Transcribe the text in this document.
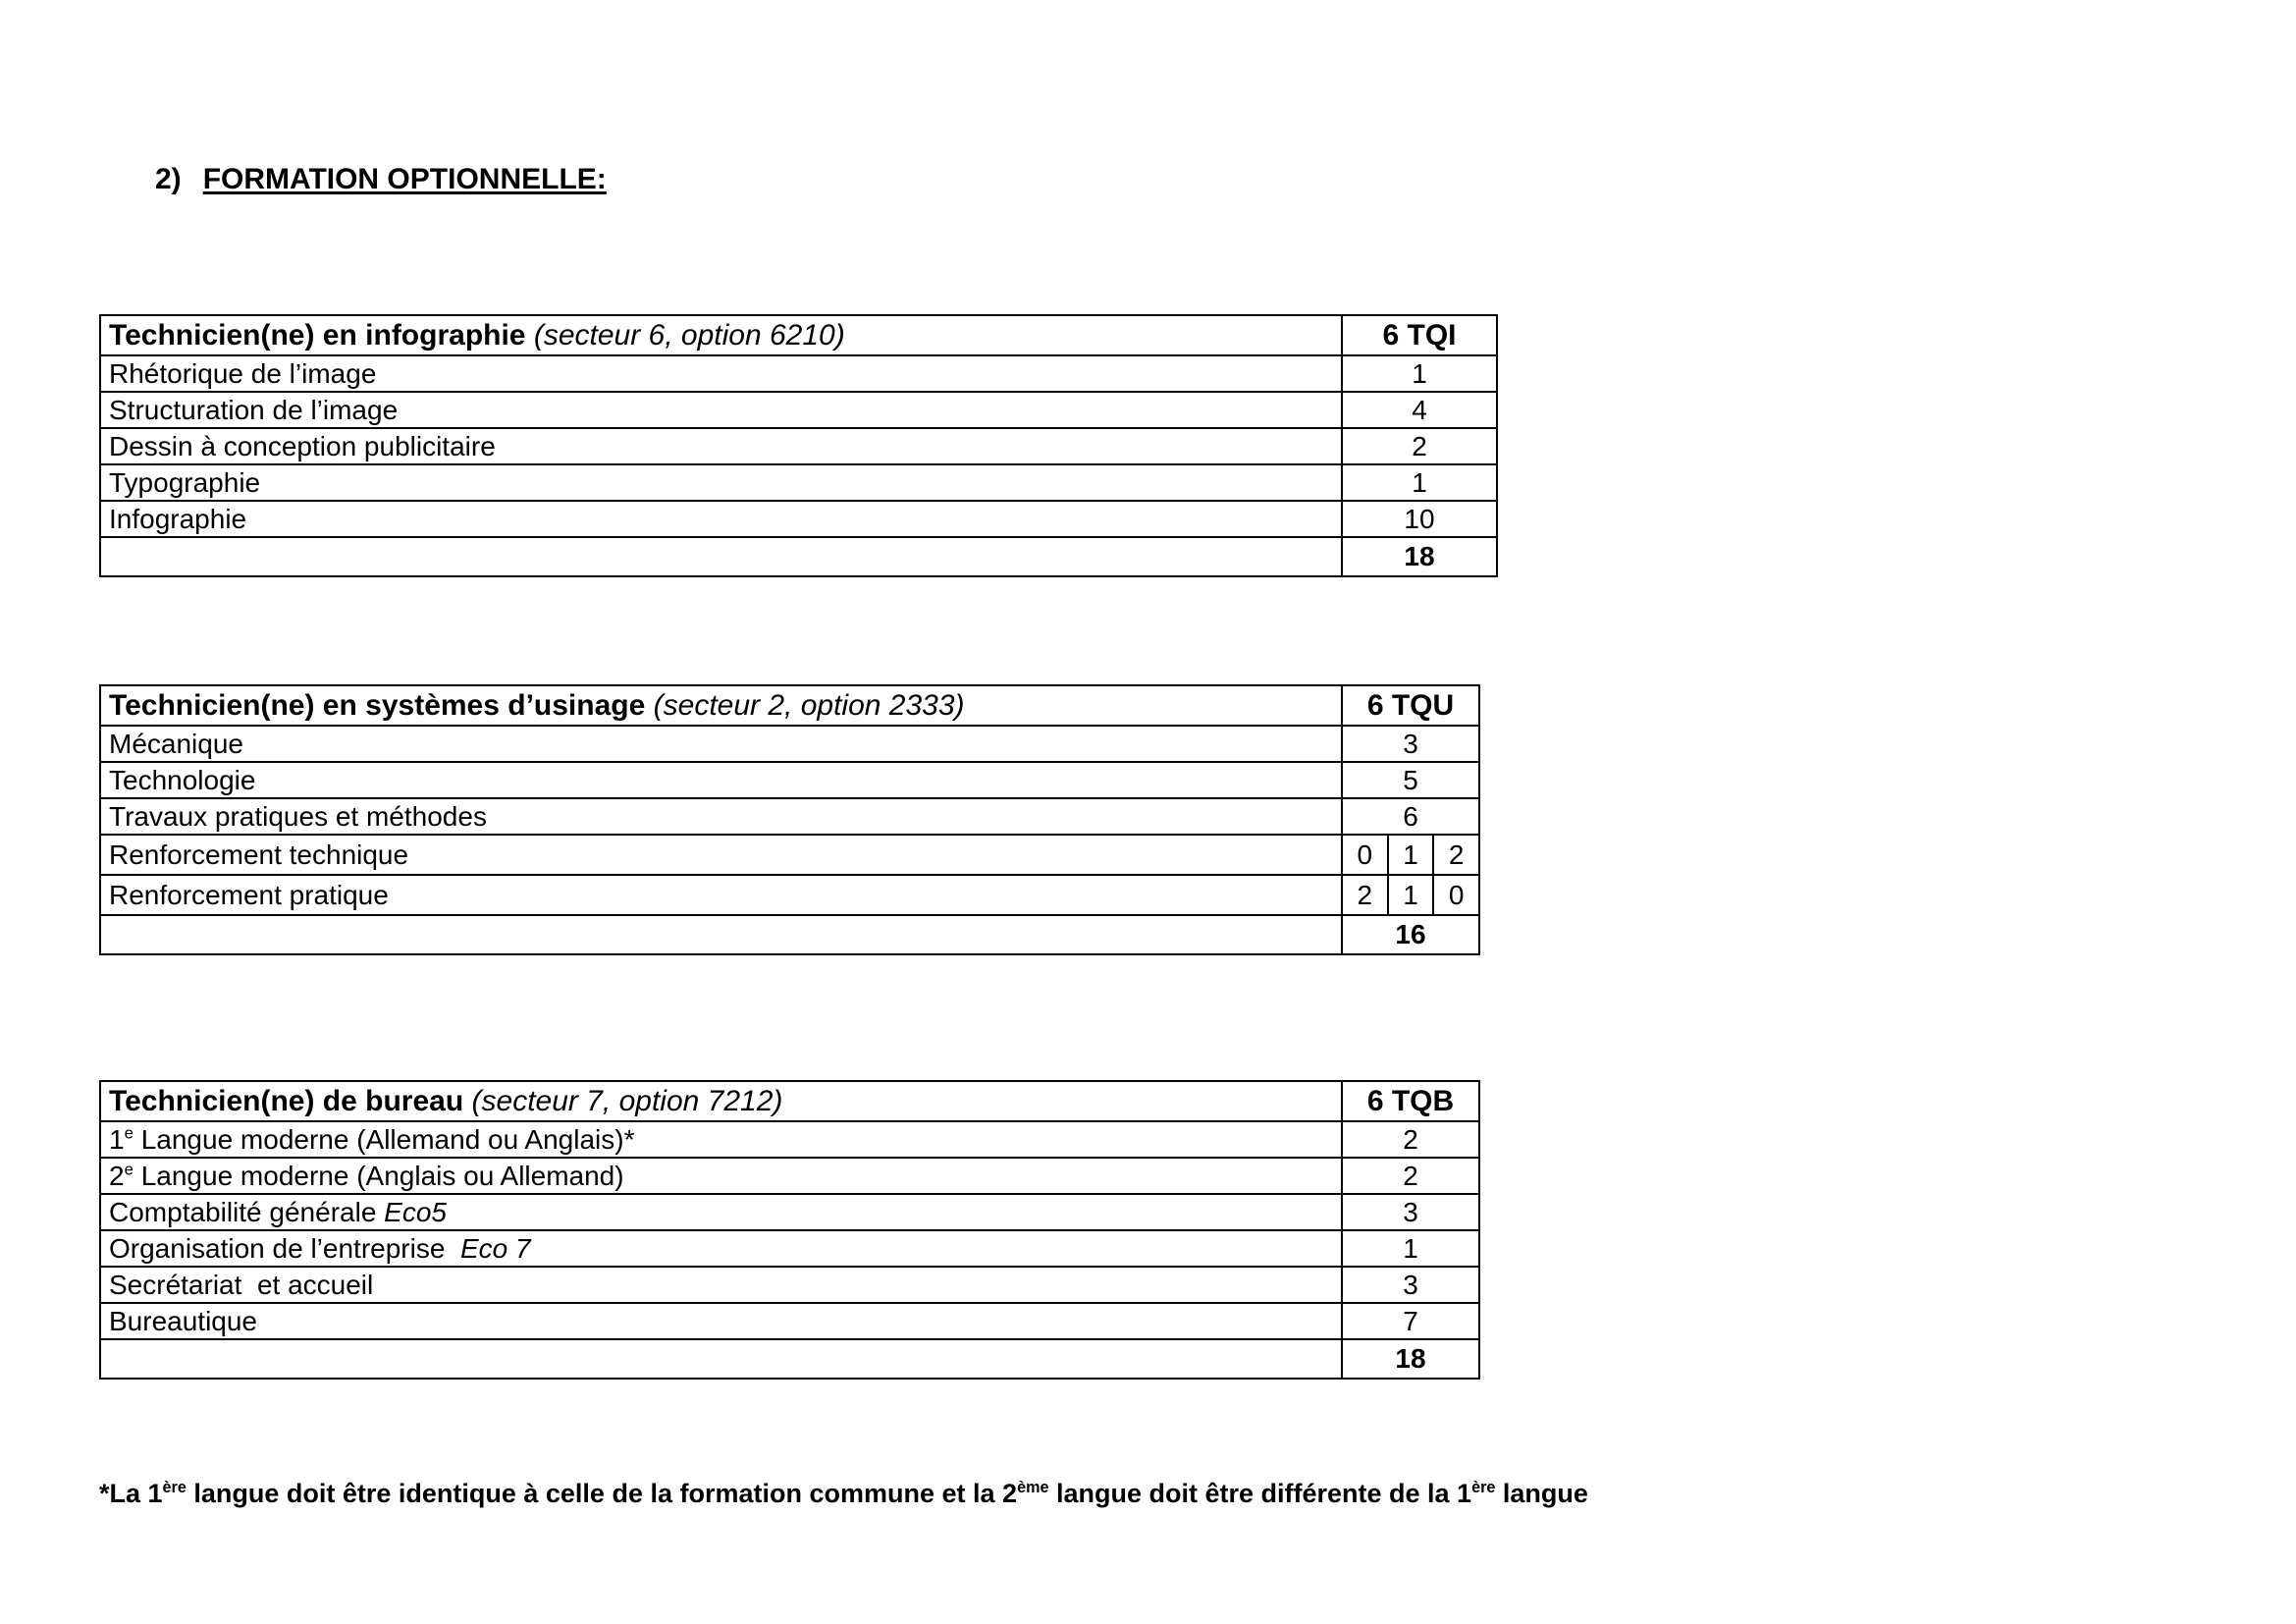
2) FORMATION OPTIONNELLE:
Technicien(ne) en infographie (secteur 6, option 6210)	6 TQI
Rhétorique de l’image	1
Structuration de l’image	4
Dessin à conception publicitaire	2
Typographie	1
Infographie	10
	18
Technicien(ne) en systèmes d’usinage (secteur 2, option 2333)	6 TQU
Mécanique	3
Technologie	5
Travaux pratiques et méthodes	6
Renforcement technique	0 1 2

Renforcement pratique	2 1 0

	16
Technicien(ne) de bureau (secteur 7, option 7212)	6 TQB
1e Langue moderne (Allemand ou Anglais)*	2
2e Langue moderne (Anglais ou Allemand)	2
Comptabilité générale Eco5	3
Organisation de l’entreprise  Eco 7	1
Secrétariat  et accueil	3
Bureautique	7
	18
*La 1ère langue doit être identique à celle de la formation commune et la 2ème langue doit être différente de la 1ère langue
